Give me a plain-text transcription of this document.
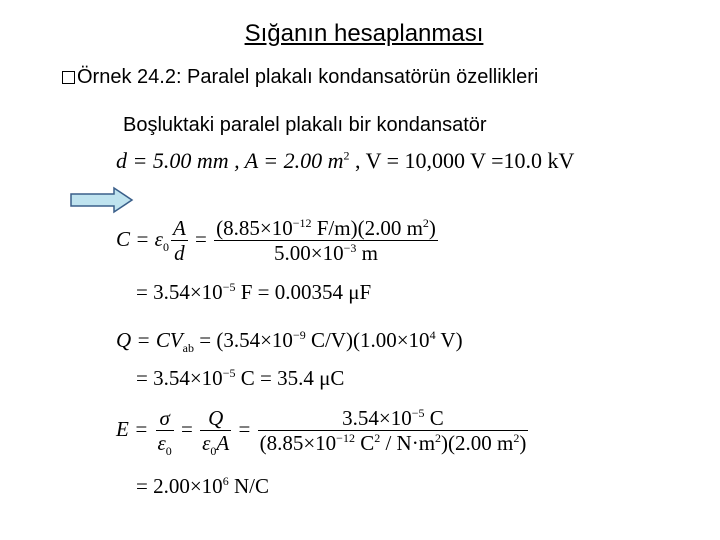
Sığanın hesaplanması
Örnek 24.2: Paralel plakalı kondansatörün özellikleri
Boşluktaki paralel plakalı bir kondansatör
d = 5.00 mm , A = 2.00 $m^2$ , V = 10,000 V =10.0 kV
$C = \varepsilon_0 \frac{A}{d} = \frac{(8.85\times 10^{-12} F/m)(2.00 m^2)}{5.00\times 10^{-3} m}$
= $3.54\times 10^{-5}$ F = 0.00354 μF
$Q = CV_{ab} = (3.54\times 10^{-9}$ $C/V)(1.00\times 10^4$ V)
= $3.54\times 10^{-5}$ C = 35.4 μC
$E = \frac{\sigma}{\varepsilon_0} = \frac{Q}{\varepsilon_0A} = \frac{3.54\times 10^{-5} C}{(8.85\times 10^{-12} C^2 / N\cdot m^2)(2.00 m^2)}$
= $2.00\times 10^6$ N/C
